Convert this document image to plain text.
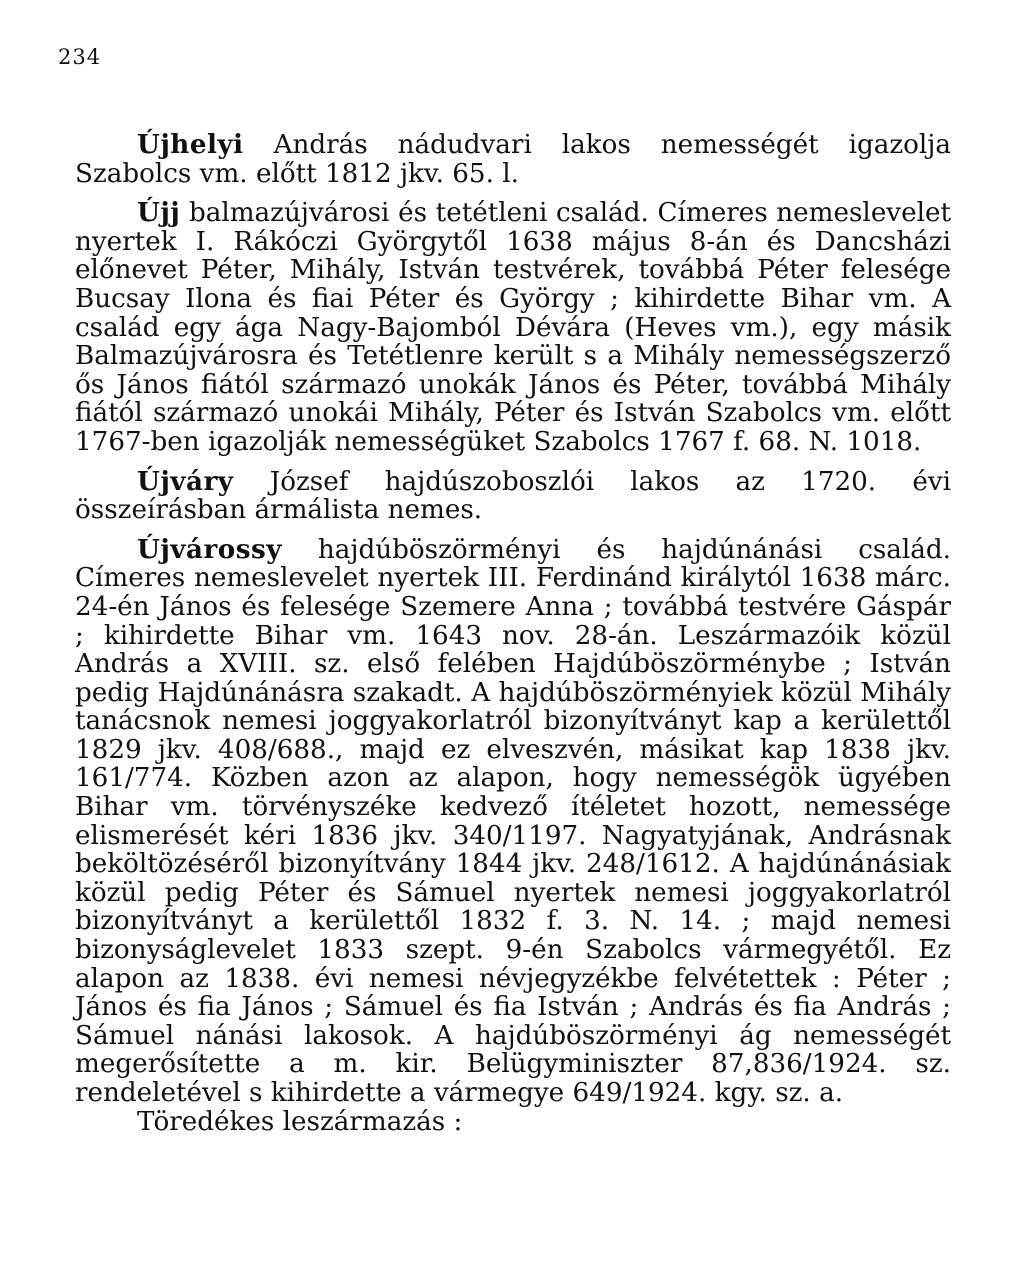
234

Újhelyi András nádudvari lakos nemességét igazolja Szabolcs vm. előtt 1812 jkv. 65. l.

Újj balmazújvárosi és tetétleni család. Címeres nemeslevelet nyertek I. Rákóczi Györgytől 1638 május 8-án és Dancsházi előnevet Péter, Mihály, István testvérek, továbbá Péter felesége Bucsay Ilona és fiai Péter és György ; kihirdette Bihar vm. A család egy ága Nagy-Bajomból Dévára (Heves vm.), egy másik Balmazújvárosra és Tetétlenre került s a Mihály nemességszerző ős János fiától származó unokák János és Péter, továbbá Mihály fiától származó unokái Mihály, Péter és István Szabolcs vm. előtt 1767-ben igazolják nemességüket Szabolcs 1767 f. 68. N. 1018.

Újváry József hajdúszoboszlói lakos az 1720. évi összeírásban ármálista nemes.

Újvárossy hajdúböszörményi és hajdúnánási család. Címeres nemeslevelet nyertek III. Ferdinánd királytól 1638 márc. 24-én János és felesége Szemere Anna ; továbbá testvére Gáspár ; kihirdette Bihar vm. 1643 nov. 28-án. Leszármazóik közül András a XVIII. sz. első felében Hajdúböszörménybe ; István pedig Hajdúnánásra szakadt. A hajdúböszörményiek közül Mihály tanácsnok nemesi joggyakorlatról bizonyítványt kap a kerülettől 1829 jkv. 408/688., majd ez elveszvén, másikat kap 1838 jkv. 161/774. Közben azon az alapon, hogy nemességök ügyében Bihar vm. törvényszéke kedvező ítéletet hozott, nemessége elismerését kéri 1836 jkv. 340/1197. Nagyatyjának, Andrásnak beköltözéséről bizonyítvány 1844 jkv. 248/1612. A hajdúnánásiak közül pedig Péter és Sámuel nyertek nemesi joggyakorlatról bizonyítványt a kerülettől 1832 f. 3. N. 14. ; majd nemesi bizonyságlevelet 1833 szept. 9-én Szabolcs vármegyétől. Ez alapon az 1838. évi nemesi névjegyzékbe felvétettek : Péter ; János és fia János ; Sámuel és fia István ; András és fia András ; Sámuel nánási lakosok. A hajdúböszörményi ág nemességét megerősítette a m. kir. Belügyminiszter 87,836/1924. sz. rendeletével s kihirdette a vármegye 649/1924. kgy. sz. a.

Töredékes leszármazás :
